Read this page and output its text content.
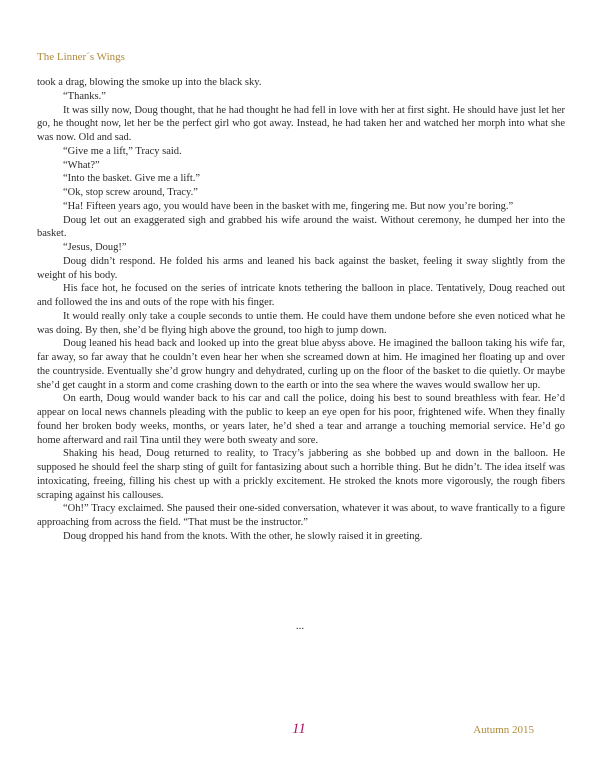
The Linner´s Wings

took a drag, blowing the smoke up into the black sky.

“Thanks.”

It was silly now, Doug thought, that he had thought he had fell in love with her at first sight. He should have just let her go, he thought now, let her be the perfect girl who got away. Instead, he had taken her and watched her morph into what she was now. Old and sad.

“Give me a lift,” Tracy said.

“What?”

“Into the basket. Give me a lift.”

“Ok, stop screw around, Tracy.”

“Ha! Fifteen years ago, you would have been in the basket with me, fingering me. But now you’re boring.”

Doug let out an exaggerated sigh and grabbed his wife around the waist. Without ceremony, he dumped her into the basket.

“Jesus, Doug!”

Doug didn’t respond. He folded his arms and leaned his back against the basket, feeling it sway slightly from the weight of his body.

His face hot, he focused on the series of intricate knots tethering the balloon in place. Tentatively, Doug reached out and followed the ins and outs of the rope with his finger.

It would really only take a couple seconds to untie them. He could have them undone before she even noticed what he was doing. By then, she’d be flying high above the ground, too high to jump down.

Doug leaned his head back and looked up into the great blue abyss above. He imagined the balloon taking his wife far, far away, so far away that he couldn’t even hear her when she screamed down at him. He imagined her floating up and over the countryside. Eventually she’d grow hungry and dehydrated, curling up on the floor of the basket to die quietly. Or maybe she’d get caught in a storm and come crashing down to the earth or into the sea where the waves would swallow her up.

On earth, Doug would wander back to his car and call the police, doing his best to sound breathless with fear. He’d appear on local news channels pleading with the public to keep an eye open for his poor, frightened wife. When they finally found her broken body weeks, months, or years later, he’d shed a tear and arrange a touching memorial service. He’d go home afterward and rail Tina until they were both sweaty and sore.

Shaking his head, Doug returned to reality, to Tracy’s jabbering as she bobbed up and down in the balloon. He supposed he should feel the sharp sting of guilt for fantasizing about such a horrible thing. But he didn’t. The idea itself was intoxicating, freeing, filling his chest up with a prickly excitement. He stroked the knots more vigorously, the rough fibers scraping against his callouses.

“Oh!” Tracy exclaimed. She paused their one-sided conversation, whatever it was about, to wave frantically to a figure approaching from across the field. “That must be the instructor.”

Doug dropped his hand from the knots. With the other, he slowly raised it in greeting.

...
11	Autumn 2015
